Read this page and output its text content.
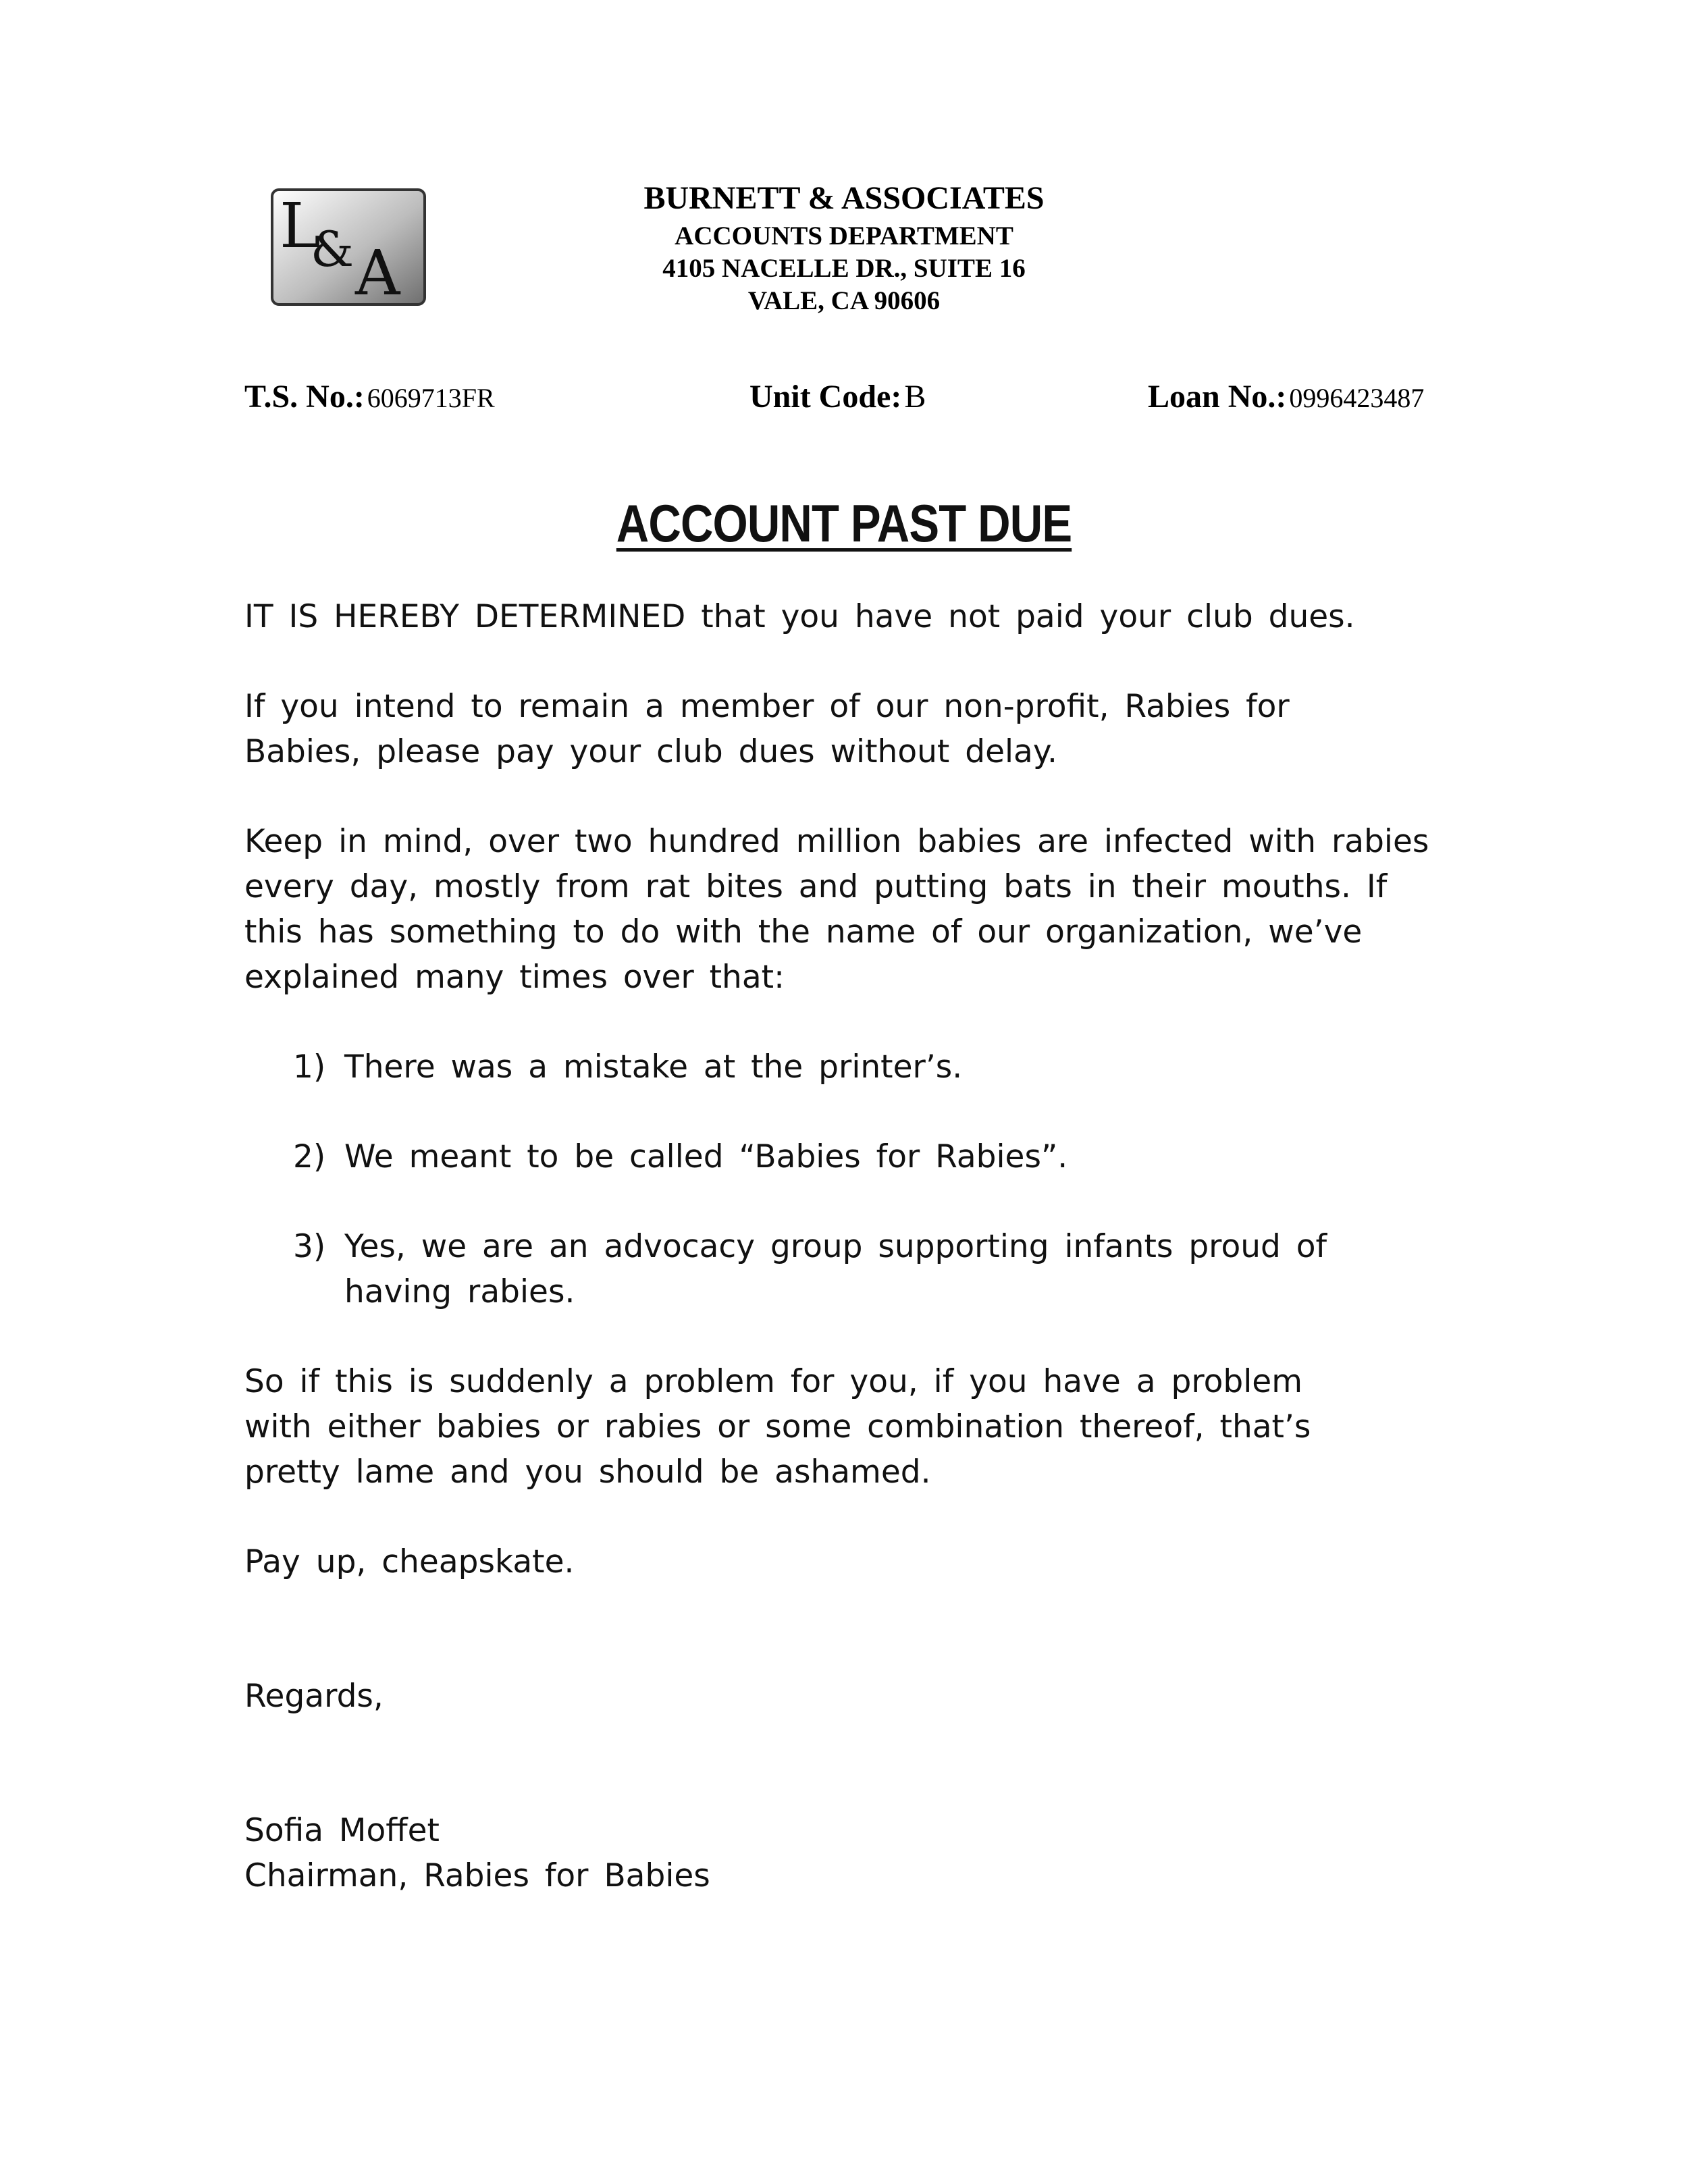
L
& A
BURNETT & ASSOCIATES
ACCOUNTS DEPARTMENT
4105 NACELLE DR., SUITE 16
VALE, CA 90606
T.S. No.: 6069713FR	Unit Code: B	Loan No.: 0996423487
ACCOUNT PAST DUE

IT IS HEREBY DETERMINED that you have not paid your club dues.

If you intend to remain a member of our non-profit, Rabies for Babies, please pay your club dues without delay.

Keep in mind, over two hundred million babies are infected with rabies every day, mostly from rat bites and putting bats in their mouths. If this has something to do with the name of our organization, we’ve explained many times over that:

1) There was a mistake at the printer’s.
2) We meant to be called “Babies for Rabies”.
3) Yes, we are an advocacy group supporting infants proud of having rabies.

So if this is suddenly a problem for you, if you have a problem with either babies or rabies or some combination thereof, that’s pretty lame and you should be ashamed.

Pay up, cheapskate.

Regards,

Sofia Moffet

Chairman, Rabies for Babies
